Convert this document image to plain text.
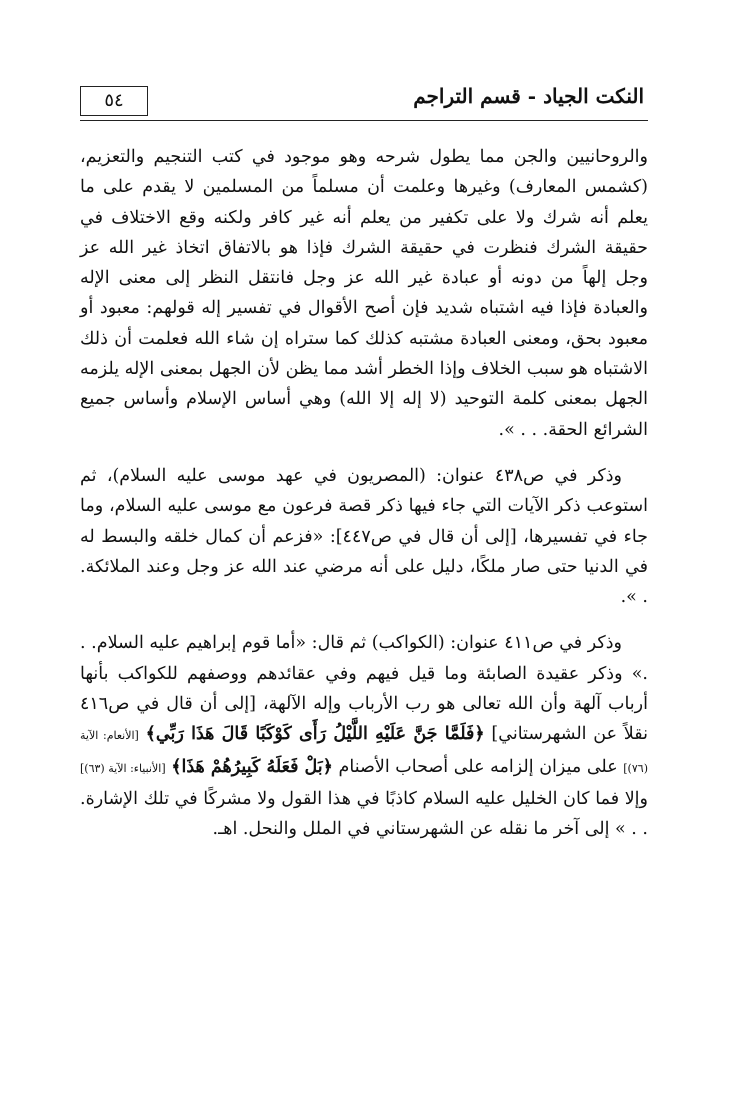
٥٤	النكت الجياد - قسم التراجم

والروحانيين والجن مما يطول شرحه وهو موجود في كتب التنجيم والتعزيم، (كشمس المعارف) وغيرها وعلمت أن مسلماً من المسلمين لا يقدم على ما يعلم أنه شرك ولا على تكفير من يعلم أنه غير كافر ولكنه وقع الاختلاف في حقيقة الشرك فنظرت في حقيقة الشرك فإذا هو بالاتفاق اتخاذ غير الله عز وجل إلهاً من دونه أو عبادة غير الله عز وجل فانتقل النظر إلى معنى الإله والعبادة فإذا فيه اشتباه شديد فإن أصح الأقوال في تفسير إله قولهم: معبود أو معبود بحق، ومعنى العبادة مشتبه كذلك كما ستراه إن شاء الله فعلمت أن ذلك الاشتباه هو سبب الخلاف وإذا الخطر أشد مما يظن لأن الجهل بمعنى الإله يلزمه الجهل بمعنى كلمة التوحيد (لا إله إلا الله) وهي أساس الإسلام وأساس جميع الشرائع الحقة. . . ».

وذكر في ص٤٣٨ عنوان: (المصريون في عهد موسى عليه السلام)، ثم استوعب ذكر الآيات التي جاء فيها ذكر قصة فرعون مع موسى عليه السلام، وما جاء في تفسيرها، [إلى أن قال في ص٤٤٧]: «فزعم أن كمال خلقه والبسط له في الدنيا حتى صار ملكًا، دليل على أنه مرضي عند الله عز وجل وعند الملائكة. . ».

وذكر في ص٤١١ عنوان: (الكواكب) ثم قال: «أما قوم إبراهيم عليه السلام. . .» وذكر عقيدة الصابئة وما قيل فيهم وفي عقائدهم ووصفهم للكواكب بأنها أرباب آلهة وأن الله تعالى هو رب الأرباب وإله الآلهة، [إلى أن قال في ص٤١٦ نقلاً عن الشهرستاني] ﴿فَلَمَّا جَنَّ عَلَيْهِ اللَّيْلُ رَأَى كَوْكَبًا قَالَ هَذَا رَبِّي﴾ [الأنعام: الآية (٧٦)] على ميزان إلزامه على أصحاب الأصنام ﴿بَلْ فَعَلَهُ كَبِيرُهُمْ هَذَا﴾ [الأنبياء: الآية (٦٣)] وإلا فما كان الخليل عليه السلام كاذبًا في هذا القول ولا مشركًا في تلك الإشارة. . . » إلى آخر ما نقله عن الشهرستاني في الملل والنحل. اهـ.
